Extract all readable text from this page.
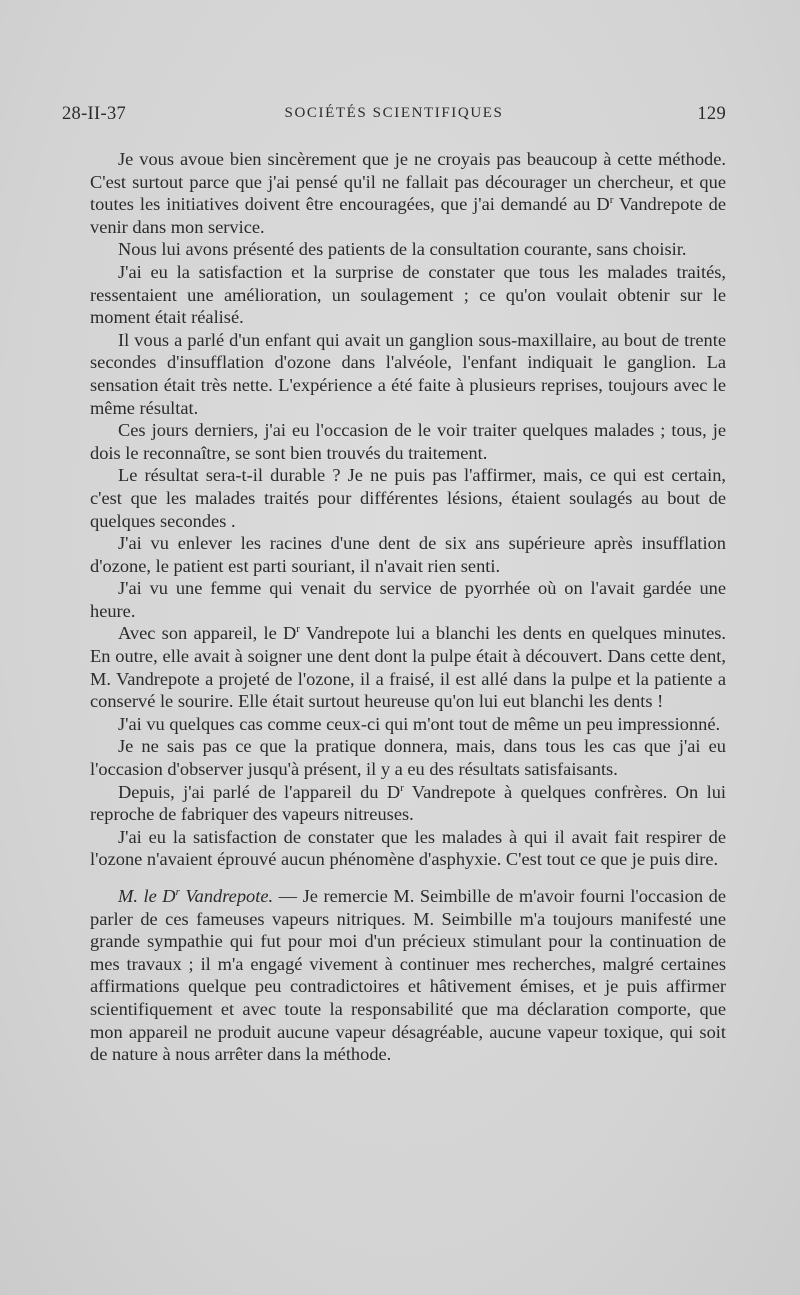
28-II-37	SOCIÉTÉS SCIENTIFIQUES	129

Je vous avoue bien sincèrement que je ne croyais pas beaucoup à cette méthode. C'est surtout parce que j'ai pensé qu'il ne fallait pas décourager un chercheur, et que toutes les initiatives doivent être encouragées, que j'ai demandé au $D^r$ Vandrepote de venir dans mon service.

Nous lui avons présenté des patients de la consultation courante, sans choisir.

J'ai eu la satisfaction et la surprise de constater que tous les malades traités, ressentaient une amélioration, un soulagement ; ce qu'on voulait obtenir sur le moment était réalisé.

Il vous a parlé d'un enfant qui avait un ganglion sous-maxillaire, au bout de trente secondes d'insufflation d'ozone dans l'alvéole, l'enfant indiquait le ganglion. La sensation était très nette. L'expérience a été faite à plusieurs reprises, toujours avec le même résultat.

Ces jours derniers, j'ai eu l'occasion de le voir traiter quelques malades ; tous, je dois le reconnaître, se sont bien trouvés du traitement.

Le résultat sera-t-il durable ? Je ne puis pas l'affirmer, mais, ce qui est certain, c'est que les malades traités pour différentes lésions, étaient soulagés au bout de quelques secondes .

J'ai vu enlever les racines d'une dent de six ans supérieure après insufflation d'ozone, le patient est parti souriant, il n'avait rien senti.

J'ai vu une femme qui venait du service de pyorrhée où on l'avait gardée une heure.

Avec son appareil, le $D^r$ Vandrepote lui a blanchi les dents en quelques minutes. En outre, elle avait à soigner une dent dont la pulpe était à découvert. Dans cette dent, M. Vandrepote a projeté de l'ozone, il a fraisé, il est allé dans la pulpe et la patiente a conservé le sourire. Elle était surtout heureuse qu'on lui eut blanchi les dents !

J'ai vu quelques cas comme ceux-ci qui m'ont tout de même un peu impressionné.

Je ne sais pas ce que la pratique donnera, mais, dans tous les cas que j'ai eu l'occasion d'observer jusqu'à présent, il y a eu des résultats satisfaisants.

Depuis, j'ai parlé de l'appareil du $D^r$ Vandrepote à quelques confrères. On lui reproche de fabriquer des vapeurs nitreuses.

J'ai eu la satisfaction de constater que les malades à qui il avait fait respirer de l'ozone n'avaient éprouvé aucun phénomène d'asphyxie. C'est tout ce que je puis dire.

M. le $D^r$ Vandrepote. — Je remercie M. Seimbille de m'avoir fourni l'occasion de parler de ces fameuses vapeurs nitriques. M. Seimbille m'a toujours manifesté une grande sympathie qui fut pour moi d'un précieux stimulant pour la continuation de mes travaux ; il m'a engagé vivement à continuer mes recherches, malgré certaines affirmations quelque peu contradictoires et hâtivement émises, et je puis affirmer scientifiquement et avec toute la responsabilité que ma déclaration comporte, que mon appareil ne produit aucune vapeur désagréable, aucune vapeur toxique, qui soit de nature à nous arrêter dans la méthode.
